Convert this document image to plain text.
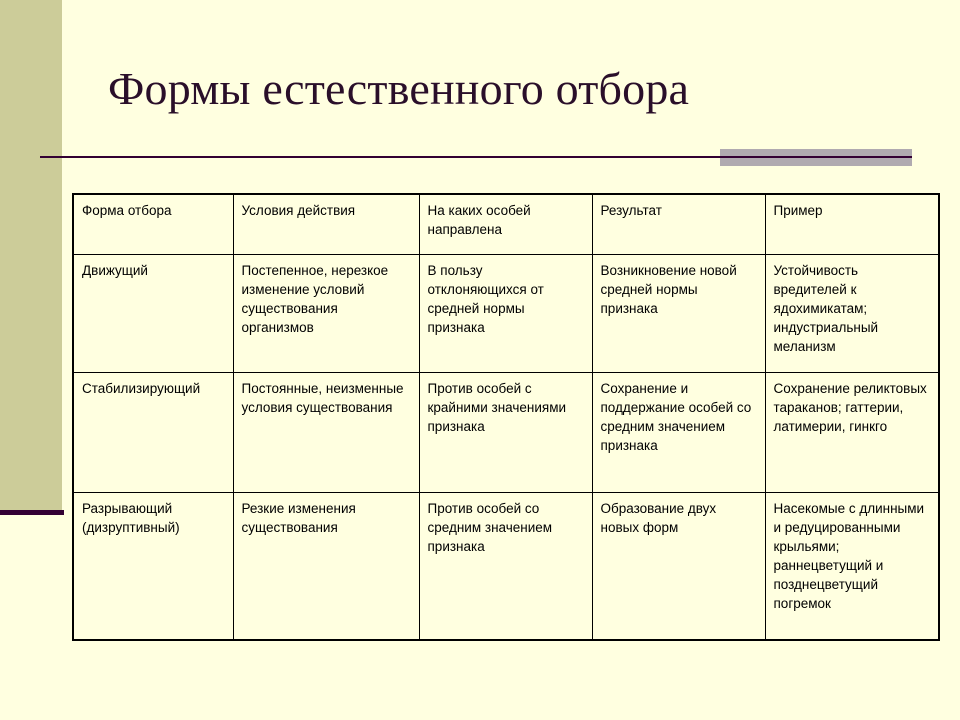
Формы естественного отбора
Форма отбора	Условия действия	На каких особей направлена	Результат	Пример
Движущий	Постепенное, нерезкое изменение условий существования организмов	В пользу отклоняющихся от средней нормы признака	Возникновение новой средней нормы признака	Устойчивость вредителей к ядохимикатам; индустриальный меланизм
Стабилизирующий	Постоянные, неизменные условия существования	Против особей с крайними значениями признака	Сохранение и поддержание особей со средним значением признака	Сохранение реликтовых тараканов; гаттерии, латимерии, гинкго
Разрывающий (дизруптивный)	Резкие изменения существования	Против особей со средним значением признака	Образование двух новых форм	Насекомые с длинными и редуцированными крыльями; раннецветущий и позднецветущий погремок
